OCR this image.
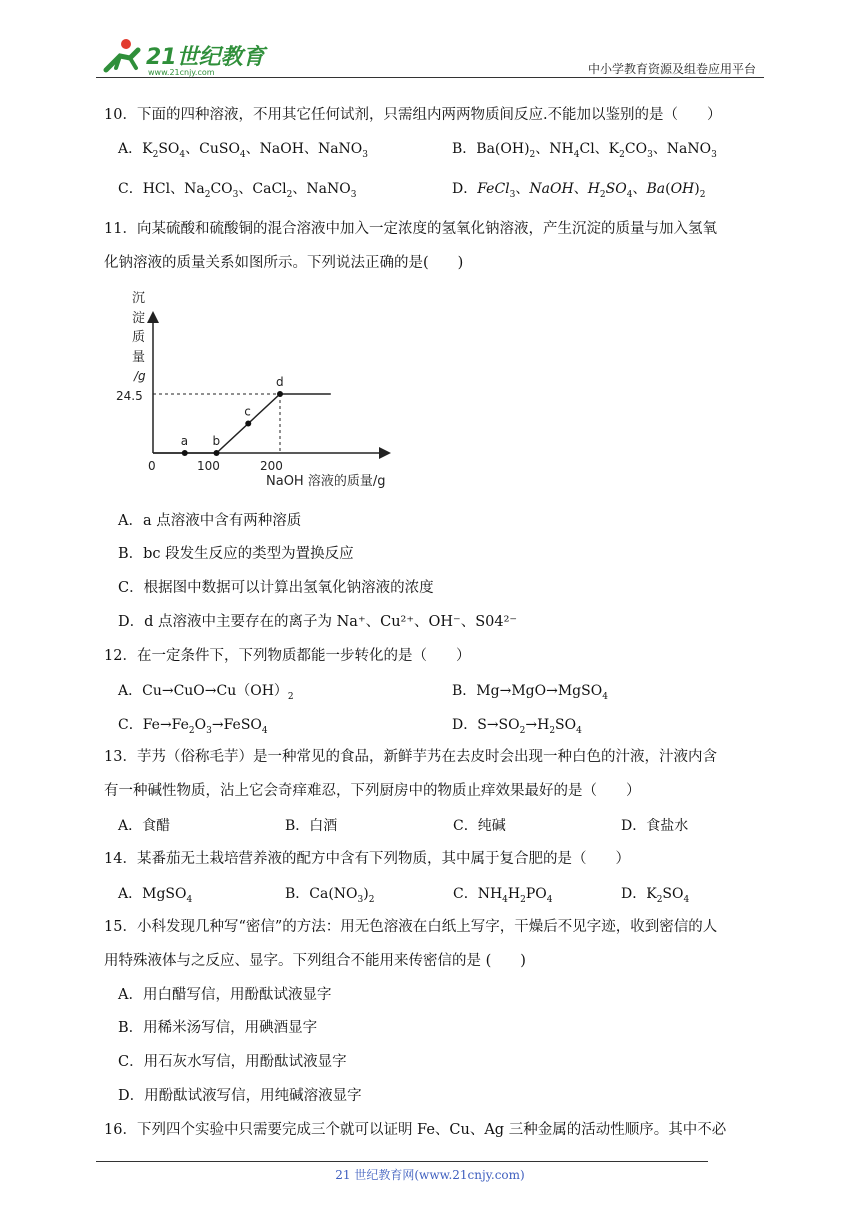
21世纪教育
www.21cnjy.com	中小学教育资源及组卷应用平台
10．下面的四种溶液，不用其它任何试剂，只需组内两两物质间反应.不能加以鉴别的是（　　）
A．$K_2SO_4$、CuSO$_4$、NaOH、NaNO$_3$	B．$Ba(OH)_2$、$NH_4Cl$、$K_2CO_3$、NaNO$_3$
C．HCl、$Na_2CO_3$、CaCl$_2$、NaNO$_3$	D．FeCl$_3$、NaOH、$H_2SO_4$、$Ba(OH)_2$
11．向某硫酸和硫酸铜的混合溶液中加入一定浓度的氢氧化钠溶液，产生沉淀的质量与加入氢氧
化钠溶液的质量关系如图所示。下列说法正确的是(　　)
沉
淀
质
量
/g
0	100	200
24.5
NaOH 溶液的质量/g
a b
c
d
A．a 点溶液中含有两种溶质
B．bc 段发生反应的类型为置换反应
C．根据图中数据可以计算出氢氧化钠溶液的浓度
D．d 点溶液中主要存在的离子为 Na⁺、Cu²⁺、OH⁻、S04²⁻
12．在一定条件下，下列物质都能一步转化的是（　　）
A．$Cu\to CuO\to Cu(OH)_2$	B．Mg→MgO→MgSO$_4$
C．$Fe\to Fe_2O_3\to FeSO_4$	D．$S\to SO_2\to H_2SO_4$
13．芋艿（俗称毛芋）是一种常见的食品，新鲜芋艿在去皮时会出现一种白色的汁液，汁液内含
有一种碱性物质，沾上它会奇痒难忍，下列厨房中的物质止痒效果最好的是（　　）
A．食醋	B．白酒	C．纯碱	D．食盐水
14．某番茄无土栽培营养液的配方中含有下列物质，其中属于复合肥的是（　　）
A．MgSO$_4$	B．$Ca(NO_3)_2$	C．$NH_4H_2PO_4$	D．$K_2SO_4$
15．小科发现几种写“密信”的方法：用无色溶液在白纸上写字，干燥后不见字迹，收到密信的人
用特殊液体与之反应、显字。下列组合不能用来传密信的是 (　　)
A．用白醋写信，用酚酞试液显字
B．用稀米汤写信，用碘酒显字
C．用石灰水写信，用酚酞试液显字
D．用酚酞试液写信，用纯碱溶液显字
16．下列四个实验中只需要完成三个就可以证明 Fe、Cu、Ag 三种金属的活动性顺序。其中不必
21 世纪教育网(www.21cnjy.com)
